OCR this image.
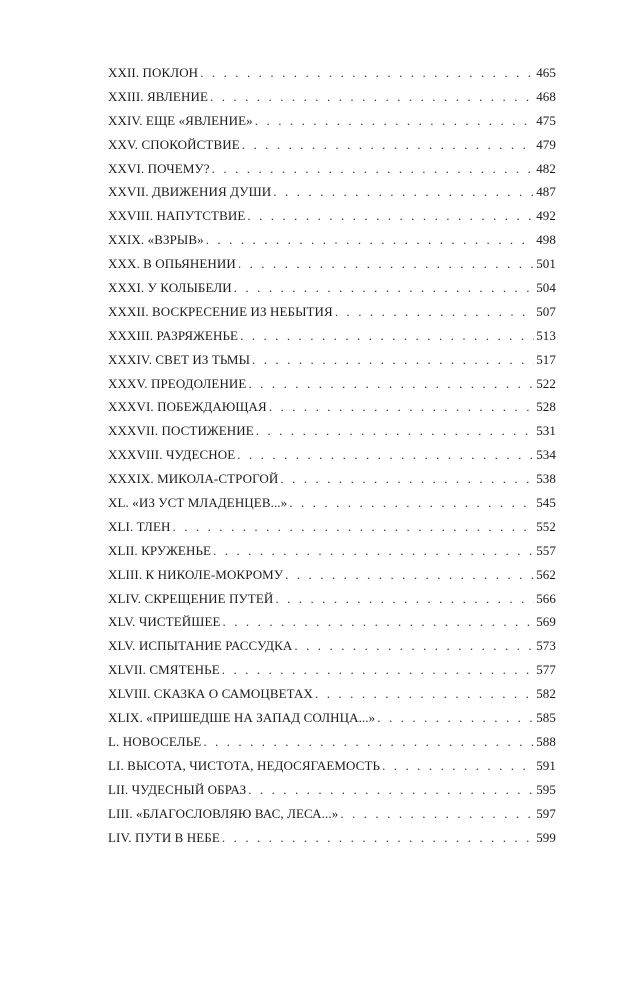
XXII. ПОКЛОН . . .	465
XXIII. ЯВЛЕНИЕ . . .	468
XXIV. ЕЩЕ «ЯВЛЕНИЕ» . . .	475
XXV. СПОКОЙСТВИЕ . . .	479
XXVI. ПОЧЕМУ? . . .	482
XXVII. ДВИЖЕНИЯ ДУШИ . . .	487
XXVIII. НАПУТСТВИЕ . . .	492
XXIX. «ВЗРЫВ» . . .	498
XXX. В ОПЬЯНЕНИИ . . .	501
XXXI. У КОЛЫБЕЛИ . . .	504
XXXII. ВОСКРЕСЕНИЕ ИЗ НЕБЫТИЯ . . .	507
XXXIII. РАЗРЯЖЕНЬЕ . . .	513
XXXIV. СВЕТ ИЗ ТЬМЫ . . .	517
XXXV. ПРЕОДОЛЕНИЕ . . .	522
XXXVI. ПОБЕЖДАЮЩАЯ . . .	528
XXXVII. ПОСТИЖЕНИЕ . . .	531
XXXVIII. ЧУДЕСНОЕ . . .	534
XXXIX. МИКОЛА-СТРОГОЙ . . .	538
XL. «ИЗ УСТ МЛАДЕНЦЕВ...» . . .	545
XLI. ТЛЕН . . .	552
XLII. КРУЖЕНЬЕ . . .	557
XLIII. К НИКОЛЕ-МОКРОМУ . . .	562
XLIV. СКРЕЩЕНИЕ ПУТЕЙ . . .	566
XLV. ЧИСТЕЙШЕЕ . . .	569
XLV. ИСПЫТАНИЕ РАССУДКА . . .	573
XLVII. СМЯТЕНЬЕ . . .	577
XLVIII. СКАЗКА О САМОЦВЕТАХ . . .	582
XLIX. «ПРИШЕДШЕ НА ЗАПАД СОЛНЦА...» . . .	585
L. НОВОСЕЛЬЕ . . .	588
LI. ВЫСОТА, ЧИСТОТА, НЕДОСЯГАЕМОСТЬ . . .	591
LII. ЧУДЕСНЫЙ ОБРАЗ . . .	595
LIII. «БЛАГОСЛОВЛЯЮ ВАС, ЛЕСА...» . . .	597
LIV. ПУТИ В НЕБЕ . . .	599
